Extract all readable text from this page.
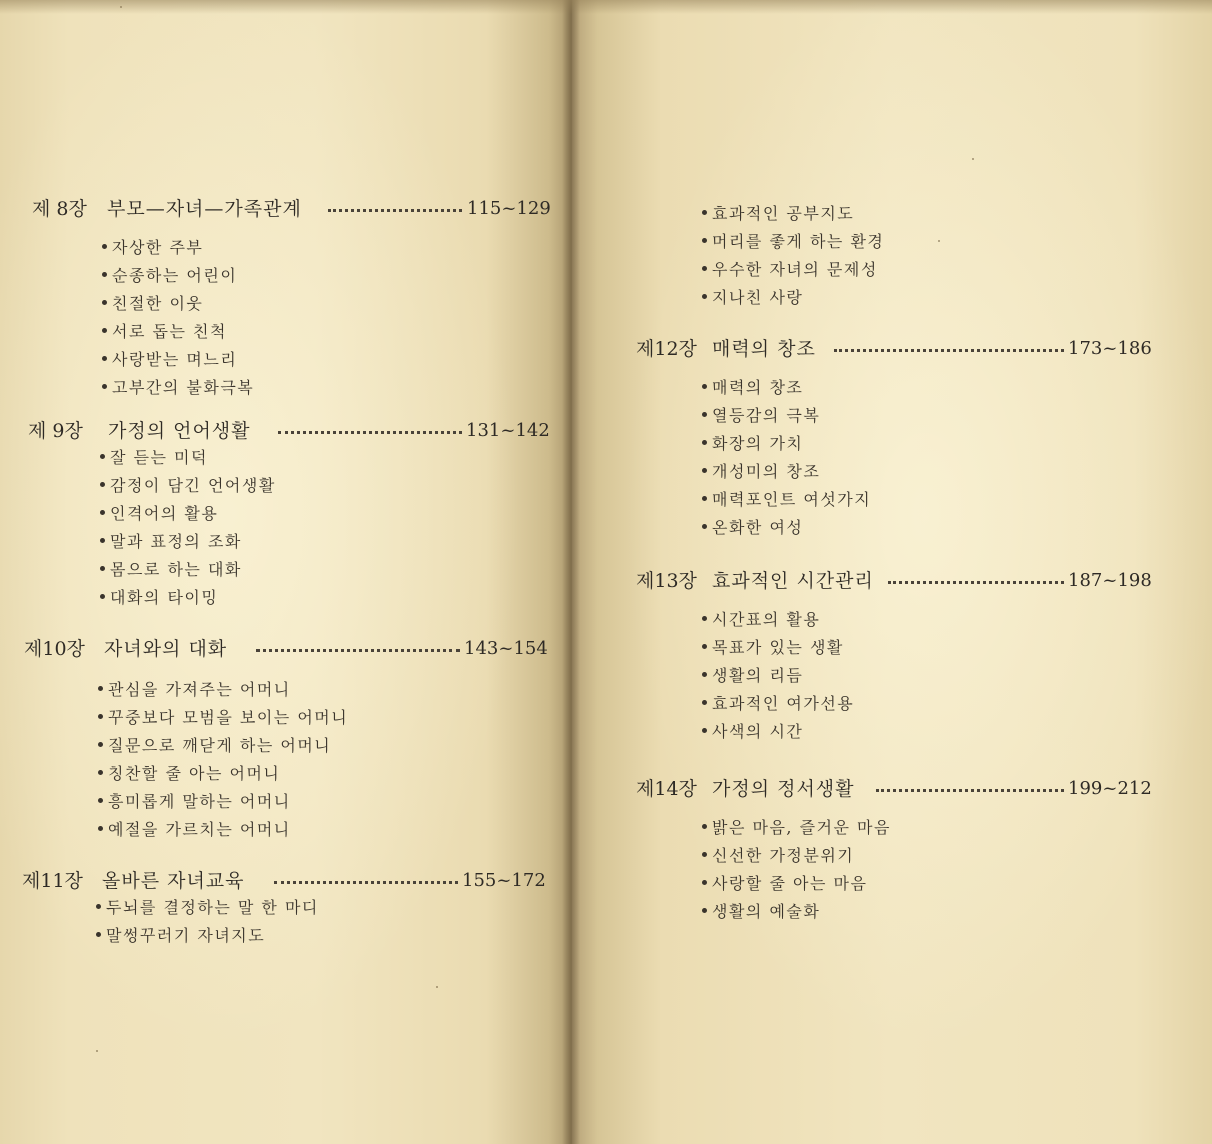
제 8장 부모—자녀—가족관계	115~129
자상한 주부
순종하는 어린이
친절한 이웃
서로 돕는 친척
사랑받는 며느리
고부간의 불화극복
제 9장 가정의 언어생활	131~142
잘 듣는 미덕
감정이 담긴 언어생활
인격어의 활용
말과 표정의 조화
몸으로 하는 대화
대화의 타이밍
제10장 자녀와의 대화	143~154
관심을 가져주는 어머니
꾸중보다 모범을 보이는 어머니
질문으로 깨닫게 하는 어머니
칭찬할 줄 아는 어머니
흥미롭게 말하는 어머니
예절을 가르치는 어머니
제11장 올바른 자녀교육	155~172
두뇌를 결정하는 말 한 마디
말썽꾸러기 자녀지도
효과적인 공부지도
머리를 좋게 하는 환경
우수한 자녀의 문제성
지나친 사랑
제12장 매력의 창조	173~186
매력의 창조
열등감의 극복
화장의 가치
개성미의 창조
매력포인트 여섯가지
온화한 여성
제13장 효과적인 시간관리	187~198
시간표의 활용
목표가 있는 생활
생활의 리듬
효과적인 여가선용
사색의 시간
제14장 가정의 정서생활	199~212
밝은 마음, 즐거운 마음
신선한 가정분위기
사랑할 줄 아는 마음
생활의 예술화
